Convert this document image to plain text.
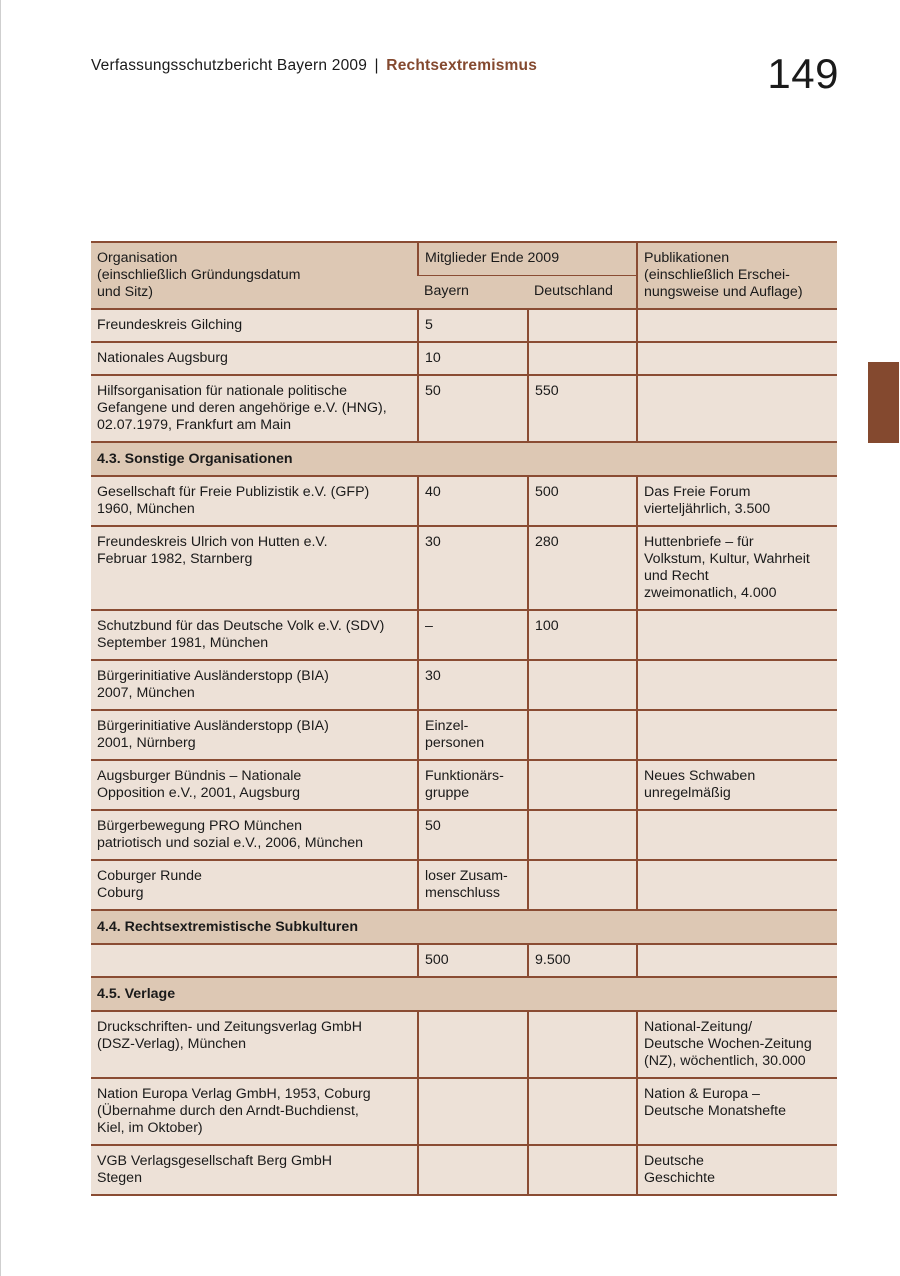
Verfassungsschutzbericht Bayern 2009 | Rechtsextremismus	149
Organisation
(einschließlich Gründungsdatum
und Sitz)	Mitglieder Ende 2009		Publikationen
(einschließlich Erschei-
nungsweise und Auflage)
	Bayern	Deutschland	
Freundeskreis Gilching	5		
Nationales Augsburg	10		
Hilfsorganisation für nationale politische
Gefangene und deren angehörige e.V. (HNG),
02.07.1979, Frankfurt am Main	50	550	
4.3. Sonstige Organisationen			
Gesellschaft für Freie Publizistik e.V. (GFP)
1960, München	40	500	Das Freie Forum
vierteljährlich, 3.500
Freundeskreis Ulrich von Hutten e.V.
Februar 1982, Starnberg	30	280	Huttenbriefe – für
Volkstum, Kultur, Wahrheit
und Recht
zweimonatlich, 4.000
Schutzbund für das Deutsche Volk e.V. (SDV)
September 1981, München	–	100	
Bürgerinitiative Ausländerstopp (BIA)
2007, München	30		
Bürgerinitiative Ausländerstopp (BIA)
2001, Nürnberg	Einzel-
personen		
Augsburger Bündnis – Nationale
Opposition e.V., 2001, Augsburg	Funktionärs-
gruppe		Neues Schwaben
unregelmäßig
Bürgerbewegung PRO München
patriotisch und sozial e.V., 2006, München	50		
Coburger Runde
Coburg	loser Zusam-
menschluss		
4.4. Rechtsextremistische Subkulturen			
	500	9.500	
4.5. Verlage			
Druckschriften- und Zeitungsverlag GmbH
(DSZ-Verlag), München			National-Zeitung/
Deutsche Wochen-Zeitung
(NZ), wöchentlich, 30.000
Nation Europa Verlag GmbH, 1953, Coburg
(Übernahme durch den Arndt-Buchdienst,
Kiel, im Oktober)			Nation & Europa –
Deutsche Monatshefte
VGB Verlagsgesellschaft Berg GmbH
Stegen			Deutsche
Geschichte
